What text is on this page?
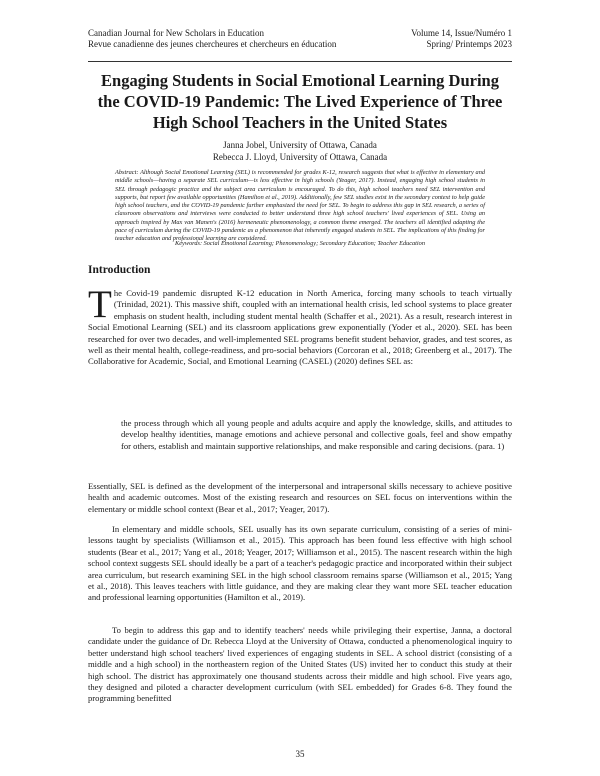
Canadian Journal for New Scholars in Education	Volume 14, Issue/Numéro 1
Revue canadienne des jeunes chercheures et chercheurs en éducation	Spring/ Printemps 2023
Engaging Students in Social Emotional Learning During the COVID-19 Pandemic: The Lived Experience of Three High School Teachers in the United States
Janna Jobel, University of Ottawa, Canada
Rebecca J. Lloyd, University of Ottawa, Canada
Abstract: Although Social Emotional Learning (SEL) is recommended for grades K-12, research suggests that what is effective in elementary and middle schools—having a separate SEL curriculum—is less effective in high schools (Yeager, 2017). Instead, engaging high school students in SEL through pedagogic practice and the subject area curriculum is encouraged. To do this, high school teachers need SEL intervention and supports, but report few available opportunities (Hamilton et al., 2019). Additionally, few SEL studies exist in the secondary context to help guide high school teachers, and the COVID-19 pandemic further emphasized the need for SEL. To begin to address this gap in SEL research, a series of classroom observations and interviews were conducted to better understand three high school teachers' lived experiences of SEL. Using an approach inspired by Max van Manen's (2016) hermeneutic phenomenology, a common theme emerged. The teachers all identified adapting the pace of curriculum during the COVID-19 pandemic as a phenomenon that inherently engaged students in SEL. The implications of this finding for teacher education and professional learning are considered.
Keywords: Social Emotional Learning; Phenomenology; Secondary Education; Teacher Education
Introduction
The Covid-19 pandemic disrupted K-12 education in North America, forcing many schools to teach virtually (Trinidad, 2021). This massive shift, coupled with an international health crisis, led school systems to place greater emphasis on student health, including student mental health (Schaffer et al., 2021). As a result, research interest in Social Emotional Learning (SEL) and its classroom applications grew exponentially (Yoder et al., 2020). SEL has been researched for over two decades, and well-implemented SEL programs benefit student behavior, grades, and test scores, as well as their mental health, college-readiness, and pro-social behaviors (Corcoran et al., 2018; Greenberg et al., 2017). The Collaborative for Academic, Social, and Emotional Learning (CASEL) (2020) defines SEL as:
the process through which all young people and adults acquire and apply the knowledge, skills, and attitudes to develop healthy identities, manage emotions and achieve personal and collective goals, feel and show empathy for others, establish and maintain supportive relationships, and make responsible and caring decisions. (para. 1)
Essentially, SEL is defined as the development of the interpersonal and intrapersonal skills necessary to achieve positive health and academic outcomes. Most of the existing research and resources on SEL focus on interventions within the elementary or middle school context (Bear et al., 2017; Yeager, 2017).
In elementary and middle schools, SEL usually has its own separate curriculum, consisting of a series of mini-lessons taught by specialists (Williamson et al., 2015). This approach has been found less effective with high school students (Bear et al., 2017; Yang et al., 2018; Yeager, 2017; Williamson et al., 2015). The nascent research within the high school context suggests SEL should ideally be a part of a teacher's pedagogic practice and incorporated within their subject area curriculum, but research examining SEL in the high school classroom remains sparse (Williamson et al., 2015; Yang et al., 2018). This leaves teachers with little guidance, and they are making clear they want more SEL teacher education and professional learning opportunities (Hamilton et al., 2019).
To begin to address this gap and to identify teachers' needs while privileging their expertise, Janna, a doctoral candidate under the guidance of Dr. Rebecca Lloyd at the University of Ottawa, conducted a phenomenological inquiry to better understand high school teachers' lived experiences of engaging students in SEL. A school district (consisting of a middle and a high school) in the northeastern region of the United States (US) invited her to conduct this study at their high school. The district has approximately one thousand students across their middle and high school. Five years ago, they designed and piloted a character development curriculum (with SEL embedded) for Grades 6-8. They found the programming benefitted
35
